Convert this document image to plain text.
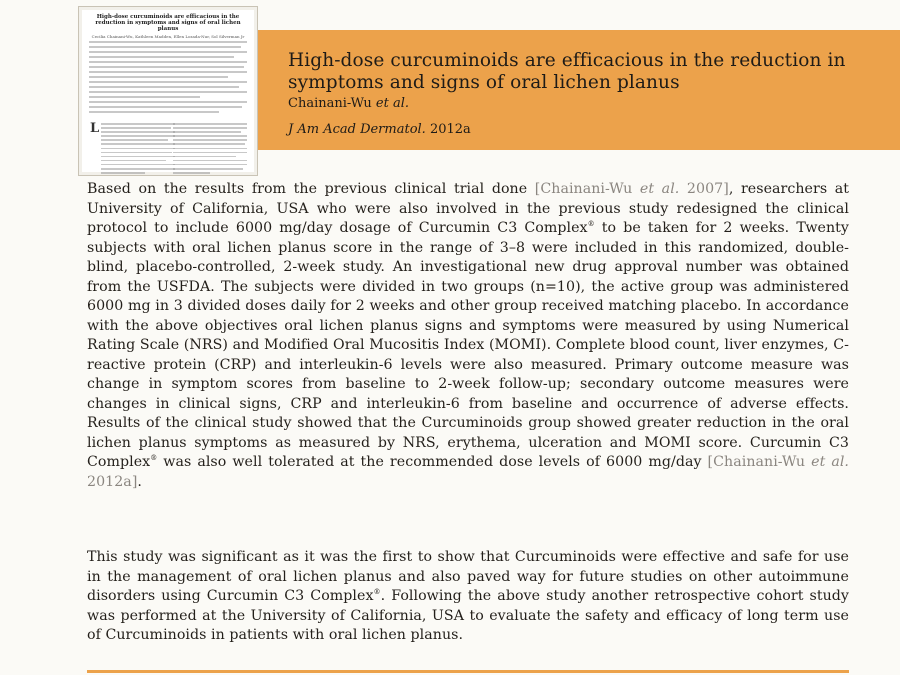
High-dose curcuminoids are efficacious in the reduction in symptoms and signs of oral lichen planus
Cecilia Chainani-Wu, Kathleen Madden, Ellen Lozada-Nur, Sol Silverman Jr
L
High-dose curcuminoids are efficacious in the reduction in symptoms and signs of oral lichen planus
Chainani-Wu et al.
J Am Acad Dermatol. 2012a

Based on the results from the previous clinical trial done [Chainani-Wu et al. 2007], researchers at University of California, USA who were also involved in the previous study redesigned the clinical protocol to include 6000 mg/day dosage of Curcumin C3 Complex® to be taken for 2 weeks. Twenty subjects with oral lichen planus score in the range of 3–8 were included in this randomized, double-blind, placebo-controlled, 2-week study. An investigational new drug approval number was obtained from the USFDA. The subjects were divided in two groups (n=10), the active group was administered 6000 mg in 3 divided doses daily for 2 weeks and other group received matching placebo. In accordance with the above objectives oral lichen planus signs and symptoms were measured by using Numerical Rating Scale (NRS) and Modified Oral Mucositis Index (MOMI). Complete blood count, liver enzymes, C-reactive protein (CRP) and interleukin-6 levels were also measured. Primary outcome measure was change in symptom scores from baseline to 2-week follow-up; secondary outcome measures were changes in clinical signs, CRP and interleukin-6 from baseline and occurrence of adverse effects. Results of the clinical study showed that the Curcuminoids group showed greater reduction in the oral lichen planus symptoms as measured by NRS, erythema, ulceration and MOMI score. Curcumin C3 Complex® was also well tolerated at the recommended dose levels of 6000 mg/day [Chainani-Wu et al. 2012a].

This study was significant as it was the first to show that Curcuminoids were effective and safe for use in the management of oral lichen planus and also paved way for future studies on other autoimmune disorders using Curcumin C3 Complex®. Following the above study another retrospective cohort study was performed at the University of California, USA to evaluate the safety and efficacy of long term use of Curcuminoids in patients with oral lichen planus.
